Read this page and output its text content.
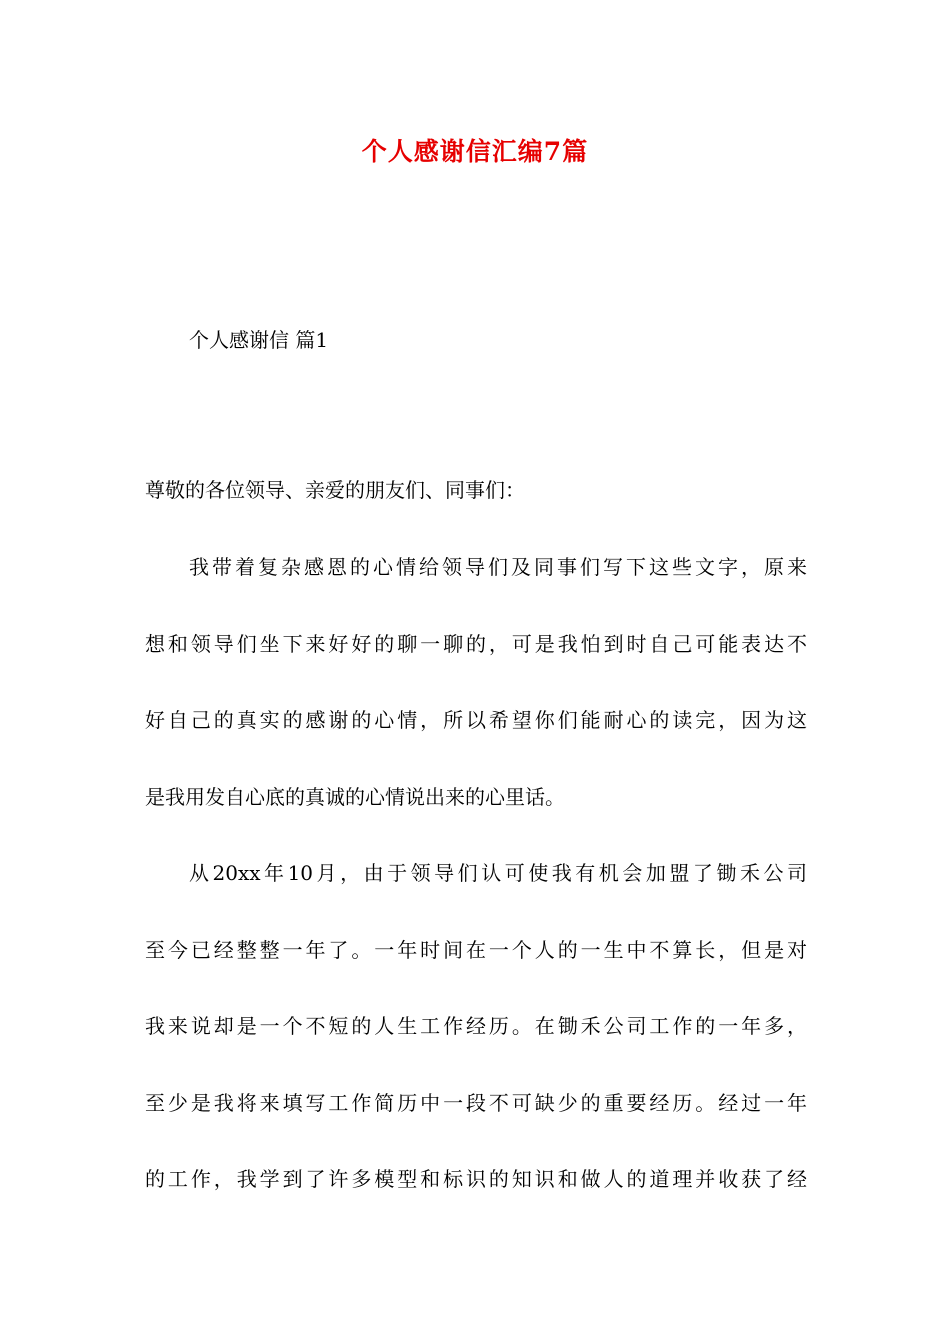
个人感谢信汇编7篇
个人感谢信 篇1
尊敬的各位领导、亲爱的朋友们、同事们：
我带着复杂感恩的心情给领导们及同事们写下这些文字，原来
想和领导们坐下来好好的聊一聊的，可是我怕到时自己可能表达不
好自己的真实的感谢的心情，所以希望你们能耐心的读完，因为这
是我用发自心底的真诚的心情说出来的心里话。
从20xx年10月，由于领导们认可使我有机会加盟了锄禾公司
至今已经整整一年了。一年时间在一个人的一生中不算长，但是对
我来说却是一个不短的人生工作经历。在锄禾公司工作的一年多，
至少是我将来填写工作简历中一段不可缺少的重要经历。经过一年
的工作，我学到了许多模型和标识的知识和做人的道理并收获了经
